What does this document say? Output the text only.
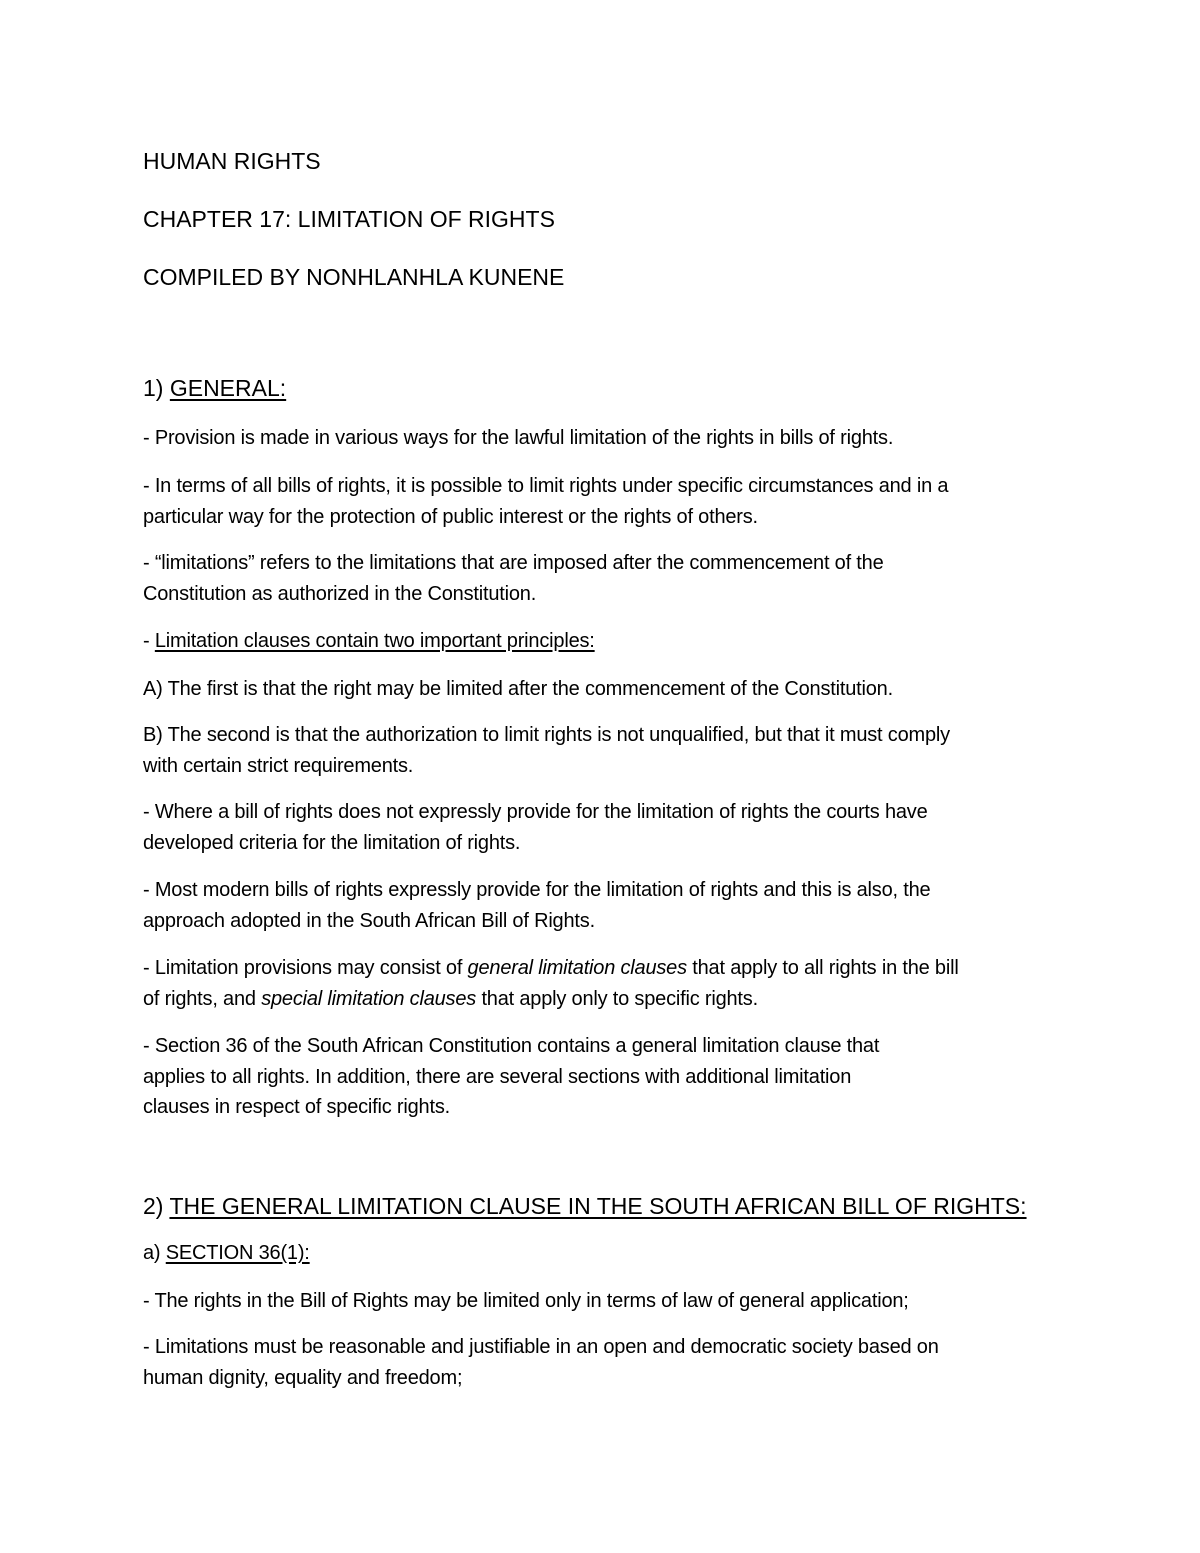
HUMAN RIGHTS
CHAPTER 17: LIMITATION OF RIGHTS
COMPILED BY NONHLANHLA KUNENE
1) GENERAL:
- Provision is made in various ways for the lawful limitation of the rights in bills of rights.
- In terms of all bills of rights, it is possible to limit rights under specific circumstances and in a
particular way for the protection of public interest or the rights of others.
- “limitations” refers to the limitations that are imposed after the commencement of the
Constitution as authorized in the Constitution.
- Limitation clauses contain two important principles:
A) The first is that the right may be limited after the commencement of the Constitution.
B) The second is that the authorization to limit rights is not unqualified, but that it must comply
with certain strict requirements.
- Where a bill of rights does not expressly provide for the limitation of rights the courts have
developed criteria for the limitation of rights.
- Most modern bills of rights expressly provide for the limitation of rights and this is also, the
approach adopted in the South African Bill of Rights.
- Limitation provisions may consist of general limitation clauses that apply to all rights in the bill
of rights, and special limitation clauses that apply only to specific rights.
- Section 36 of the South African Constitution contains a general limitation clause that
applies to all rights. In addition, there are several sections with additional limitation
clauses in respect of specific rights.
2) THE GENERAL LIMITATION CLAUSE IN THE SOUTH AFRICAN BILL OF RIGHTS:
a) SECTION 36(1):
- The rights in the Bill of Rights may be limited only in terms of law of general application;
- Limitations must be reasonable and justifiable in an open and democratic society based on
human dignity, equality and freedom;
